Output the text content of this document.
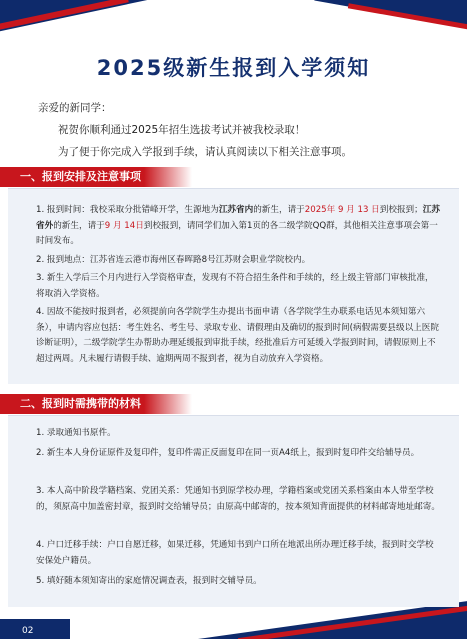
2025级新生报到入学须知
亲爱的新同学：
祝贺你顺利通过2025年招生选拔考试并被我校录取！
为了便于你完成入学报到手续，请认真阅读以下相关注意事项。
一、报到安排及注意事项
1. 报到时间：我校采取分批错峰开学，生源地为江苏省内的新生，请于2025年 9 月 13 日到校报到；江苏省外的新生，请于9 月 14日到校报到，请同学们加入第1页的各二级学院QQ群，其他相关注意事项会第一时间发布。
2. 报到地点：江苏省连云港市海州区春晖路8号江苏财会职业学院校内。
3. 新生入学后三个月内进行入学资格审查，发现有不符合招生条件和手续的，经上级主管部门审核批准，将取消入学资格。
4. 因故不能按时报到者，必须提前向各学院学生办提出书面申请（各学院学生办联系电话见本须知第六条），申请内容应包括：考生姓名、考生号、录取专业、请假理由及确切的报到时间(病假需要县级以上医院诊断证明），二级学院学生办帮助办理延缓报到审批手续，经批准后方可延缓入学报到时间，请假原则上不超过两周。凡未履行请假手续、逾期两周不报到者，视为自动放弃入学资格。
二、报到时需携带的材料
1. 录取通知书原件。
2. 新生本人身份证原件及复印件，复印件需正反面复印在同一页A4纸上，报到时复印件交给辅导员。
3. 本人高中阶段学籍档案、党团关系：凭通知书到原学校办理，学籍档案或党团关系档案由本人带至学校的，须原高中加盖密封章，报到时交给辅导员；由原高中邮寄的，按本须知背面提供的材料邮寄地址邮寄。
4. 户口迁移手续：户口自愿迁移，如果迁移，凭通知书到户口所在地派出所办理迁移手续，报到时交学校安保处户籍员。
5. 填好随本须知寄出的家庭情况调查表，报到时交辅导员。
02
